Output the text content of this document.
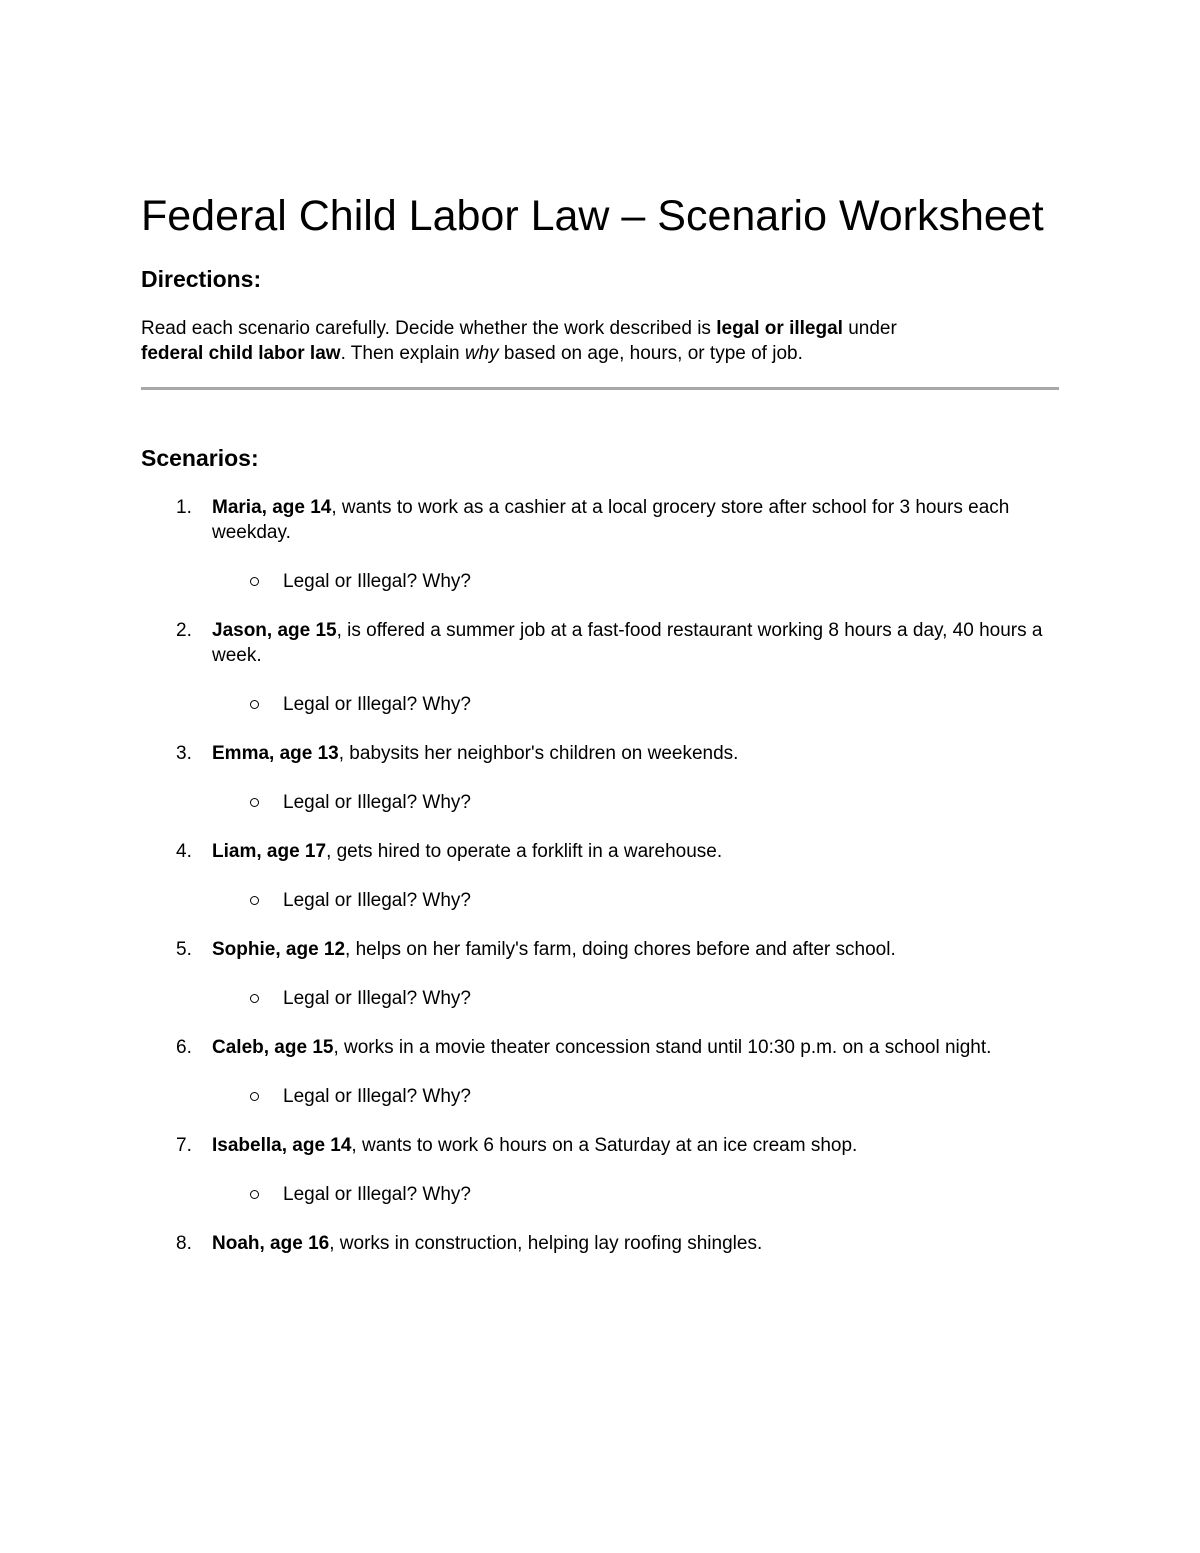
Federal Child Labor Law – Scenario Worksheet
Directions:

Read each scenario carefully. Decide whether the work described is legal or illegal under
federal child labor law. Then explain why based on age, hours, or type of job.

Scenarios:
1. Maria, age 14, wants to work as a cashier at a local grocery store after school for 3 hours each weekday.
Legal or Illegal? Why?
2. Jason, age 15, is offered a summer job at a fast-food restaurant working 8 hours a day, 40 hours a week.
Legal or Illegal? Why?
3. Emma, age 13, babysits her neighbor's children on weekends.
Legal or Illegal? Why?
4. Liam, age 17, gets hired to operate a forklift in a warehouse.
Legal or Illegal? Why?
5. Sophie, age 12, helps on her family's farm, doing chores before and after school.
Legal or Illegal? Why?
6. Caleb, age 15, works in a movie theater concession stand until 10:30 p.m. on a school night.
Legal or Illegal? Why?
7. Isabella, age 14, wants to work 6 hours on a Saturday at an ice cream shop.
Legal or Illegal? Why?
8. Noah, age 16, works in construction, helping lay roofing shingles.
